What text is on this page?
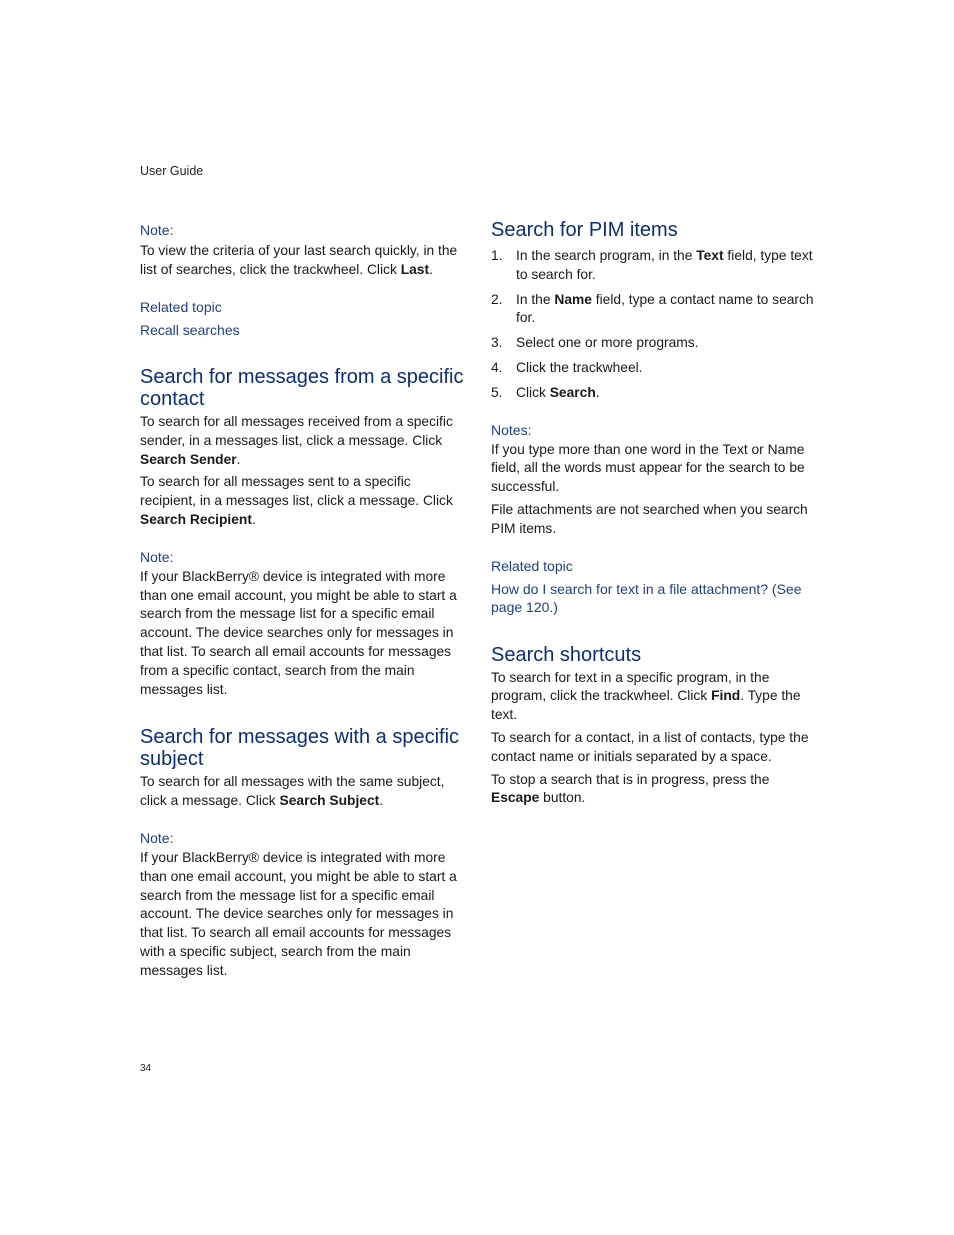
User Guide
Note:

To view the criteria of your last search quickly, in the list of searches, click the trackwheel. Click Last.

Related topic
Recall searches
Search for messages from a specific contact

To search for all messages received from a specific sender, in a messages list, click a message. Click Search Sender.

To search for all messages sent to a specific recipient, in a messages list, click a message. Click Search Recipient.

Note:

If your BlackBerry® device is integrated with more than one email account, you might be able to start a search from the message list for a specific email account. The device searches only for messages in that list. To search all email accounts for messages from a specific contact, search from the main messages list.

Search for messages with a specific subject

To search for all messages with the same subject, click a message. Click Search Subject.

Note:

If your BlackBerry® device is integrated with more than one email account, you might be able to start a search from the message list for a specific email account. The device searches only for messages in that list. To search all email accounts for messages with a specific subject, search from the main messages list.

Search for PIM items
1. In the search program, in the Text field, type text to search for.
2. In the Name field, type a contact name to search for.
3. Select one or more programs.
4. Click the trackwheel.
5. Click Search.
Notes:

If you type more than one word in the Text or Name field, all the words must appear for the search to be successful.

File attachments are not searched when you search PIM items.

Related topic
How do I search for text in a file attachment? (See page 120.)
Search shortcuts

To search for text in a specific program, in the program, click the trackwheel. Click Find. Type the text.

To search for a contact, in a list of contacts, type the contact name or initials separated by a space.

To stop a search that is in progress, press the Escape button.

34
